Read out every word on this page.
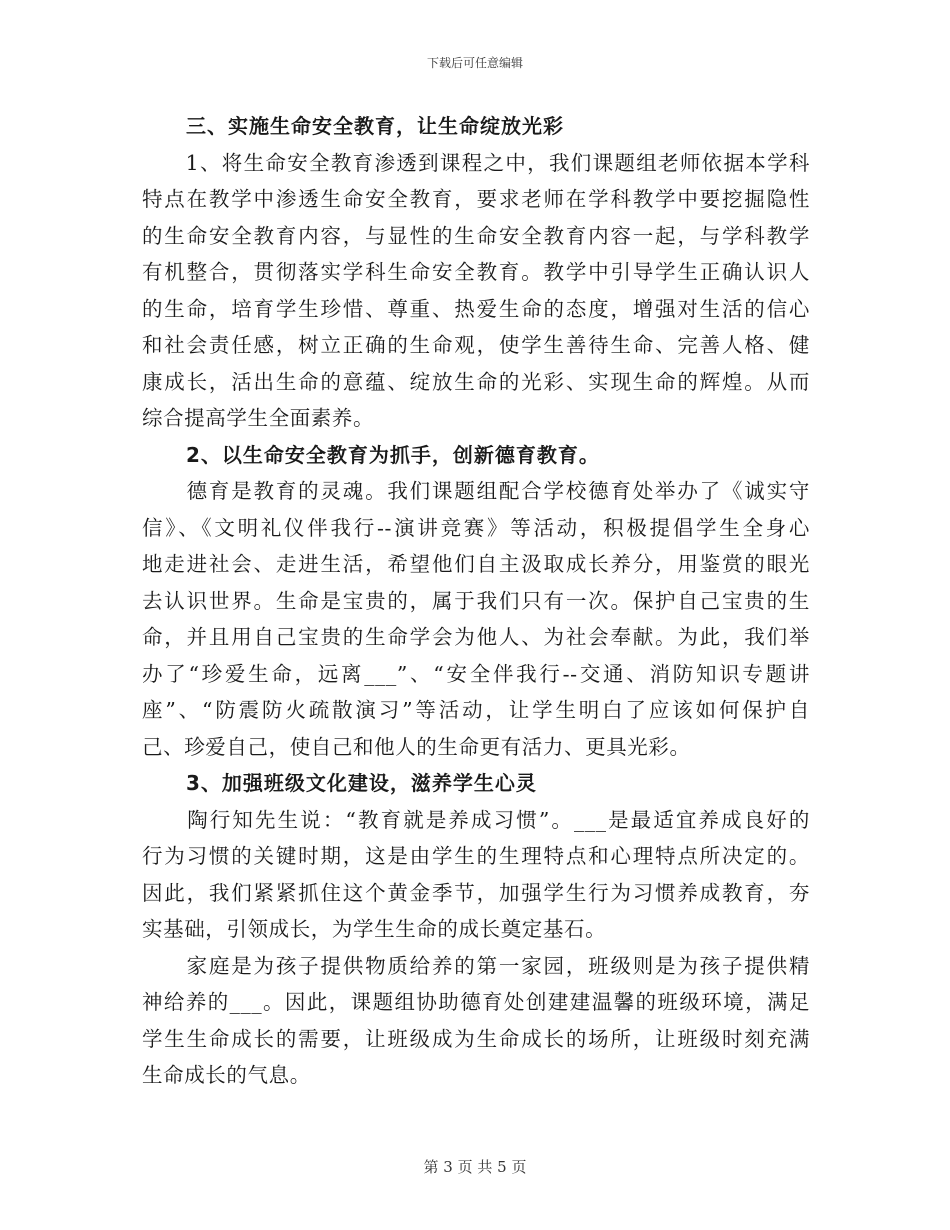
下载后可任意编辑
三、实施生命安全教育，让生命绽放光彩
　　1、将生命安全教育渗透到课程之中，我们课题组老师依据本学科
特点在教学中渗透生命安全教育，要求老师在学科教学中要挖掘隐性
的生命安全教育内容，与显性的生命安全教育内容一起，与学科教学
有机整合，贯彻落实学科生命安全教育。教学中引导学生正确认识人
的生命，培育学生珍惜、尊重、热爱生命的态度，增强对生活的信心
和社会责任感，树立正确的生命观，使学生善待生命、完善人格、健
康成长，活出生命的意蕴、绽放生命的光彩、实现生命的辉煌。从而
综合提高学生全面素养。
2、以生命安全教育为抓手，创新德育教育。
　　德育是教育的灵魂。我们课题组配合学校德育处举办了《诚实守
信》、《文明礼仪伴我行--演讲竞赛》等活动，积极提倡学生全身心
地走进社会、走进生活，希望他们自主汲取成长养分，用鉴赏的眼光
去认识世界。生命是宝贵的，属于我们只有一次。保护自己宝贵的生
命，并且用自己宝贵的生命学会为他人、为社会奉献。为此，我们举
办了“珍爱生命，远离___”、“安全伴我行--交通、消防知识专题讲
座”、“防震防火疏散演习”等活动，让学生明白了应该如何保护自
己、珍爱自己，使自己和他人的生命更有活力、更具光彩。
3、加强班级文化建设，滋养学生心灵
　　陶行知先生说：“教育就是养成习惯”。___是最适宜养成良好的
行为习惯的关键时期，这是由学生的生理特点和心理特点所决定的。
因此，我们紧紧抓住这个黄金季节，加强学生行为习惯养成教育，夯
实基础，引领成长，为学生生命的成长奠定基石。
　　家庭是为孩子提供物质给养的第一家园，班级则是为孩子提供精
神给养的___。因此，课题组协助德育处创建建温馨的班级环境，满足
学生生命成长的需要，让班级成为生命成长的场所，让班级时刻充满
生命成长的气息。
第 3 页 共 5 页
